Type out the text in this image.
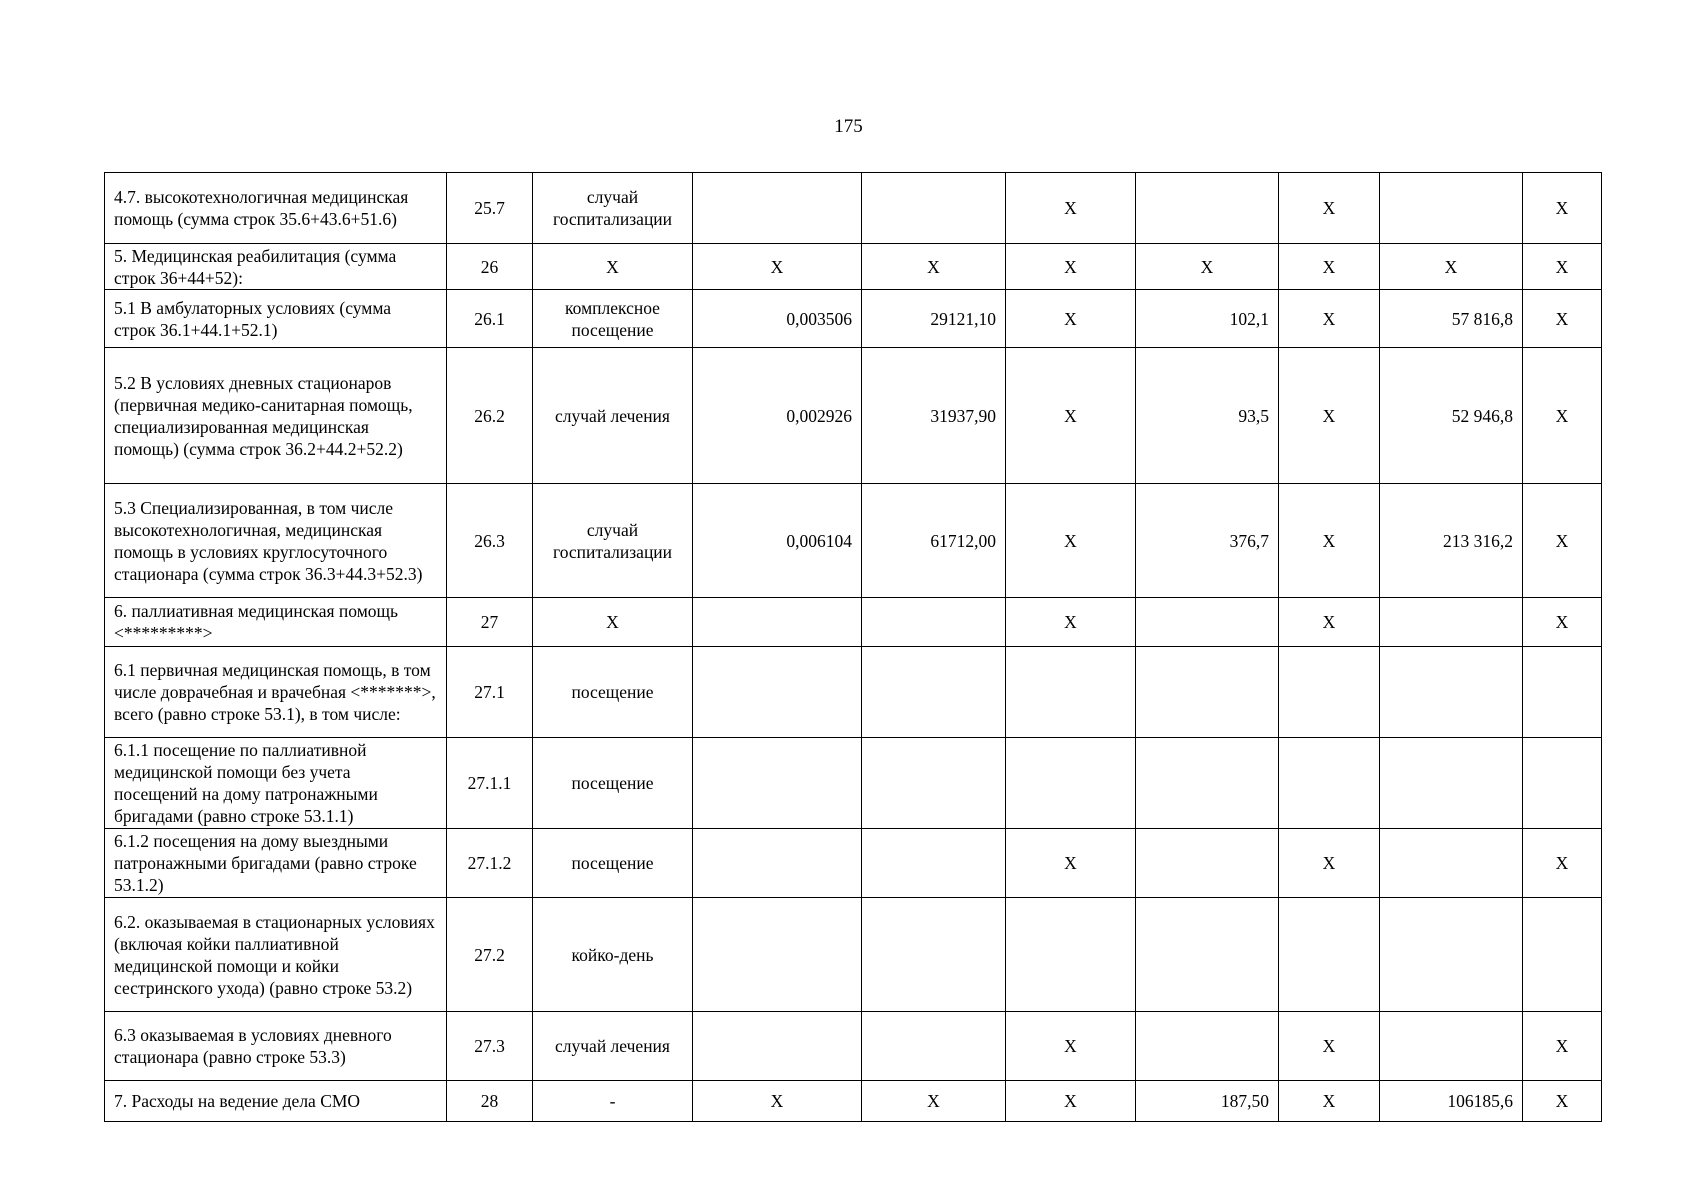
175
4.7. высокотехнологичная медицинская помощь (сумма строк 35.6+43.6+51.6)	25.7	случай госпитализации			Х		Х		Х
5. Медицинская реабилитация (сумма строк 36+44+52):	26	Х	Х	Х	Х	Х	Х	Х	Х
5.1 В амбулаторных условиях (сумма строк 36.1+44.1+52.1)	26.1	комплексное посещение	0,003506	29121,10	Х	102,1	Х	57 816,8	Х
5.2 В условиях дневных стационаров (первичная медико-санитарная помощь, специализированная медицинская помощь) (сумма строк 36.2+44.2+52.2)	26.2	случай лечения	0,002926	31937,90	Х	93,5	Х	52 946,8	Х
5.3 Специализированная, в том числе высокотехнологичная, медицинская помощь в условиях круглосуточного стационара (сумма строк 36.3+44.3+52.3)	26.3	случай госпитализации	0,006104	61712,00	Х	376,7	Х	213 316,2	Х
6. паллиативная медицинская помощь <*********>	27	Х			Х		Х		Х
6.1 первичная медицинская помощь, в том числе доврачебная и врачебная <*******>, всего (равно строке 53.1), в том числе:	27.1	посещение							
6.1.1 посещение по паллиативной медицинской помощи без учета посещений на дому патронажными бригадами (равно строке 53.1.1)	27.1.1	посещение							
6.1.2 посещения на дому выездными патронажными бригадами (равно строке 53.1.2)	27.1.2	посещение			Х		Х		Х
6.2. оказываемая в стационарных условиях (включая койки паллиативной медицинской помощи и койки сестринского ухода) (равно строке 53.2)	27.2	койко-день							
6.3 оказываемая в условиях дневного стационара (равно строке 53.3)	27.3	случай лечения			Х		Х		Х
7. Расходы на ведение дела СМО	28	-	Х	Х	Х	187,50	Х	106185,6	Х
